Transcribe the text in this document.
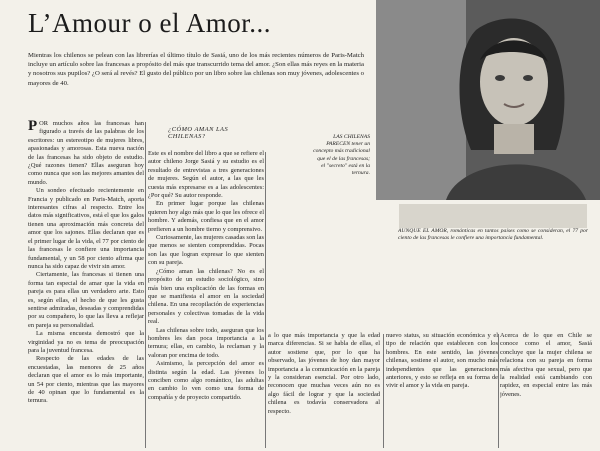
L’Amour o el Amor...
Mientras los chilenos se pelean con las librerías el último título de Sasiá, uno de los más recientes números de Paris-Match incluye un artículo sobre las francesas a propósito del más que transcurrido tema del amor. ¿Son ellas más reyes en la materia y nosotros sus pupilos? ¿O será al revés? El gusto del público por un libro sobre las chilenas son muy jóvenes, adolescentes o mayores de 40.
LAS CHILENAS PARECEN tener un concepto más tradicional que el de las francesas; el "secreto" está en la ternura.
AUNQUE EL AMOR, románticas en tantos países como se consideran, el 77 por ciento de las francesas le confiere una importancia fundamental.
¿CÓMO AMAN LAS CHILENAS?

POR muchos años las francesas han figurado a través de las palabras de los escritores: un estereotipo de mujeres libres, apasionadas y amorosas. Esta nueva nación de las francesas ha sido objeto de estudio. ¿Qué razones tienen? Ellas aseguran hoy como nunca que son las mejores amantes del mundo.

Un sondeo efectuado recientemente en Francia y publicado en Paris-Match, aporta interesantes cifras al respecto. Entre los datos más significativos, está el que los galos tienen una aproximación más concreta del amor que los sajones. Ellas declaran que es el primer lugar de la vida, el 77 por ciento de las francesas le confiere una importancia fundamental, y un 58 por ciento afirma que nunca ha sido capaz de vivir sin amor.

Ciertamente, las francesas si tienen una forma tan especial de amar que la vida en pareja es para ellas un verdadero arte. Esto es, según ellas, el hecho de que les gusta sentirse admiradas, deseadas y comprendidas por su compañero, lo que las lleva a reflejar en pareja su personalidad.

La misma encuesta demostró que la virginidad ya no es tema de preocupación para la juventud francesa.

Respecto de las edades de las encuestadas, las menores de 25 años declaran que el amor es lo más importante, un 54 por ciento, mientras que las mayores de 40 opinan que lo fundamental es la ternura.

Este es el nombre del libro a que se refiere el autor chileno Jorge Sasiá y su estudio es el resultado de entrevistas a tres generaciones de mujeres. Según el autor, a las que les cuesta más expresarse es a las adolescentes: ¿Por qué? Su autor responde.

En primer lugar porque las chilenas quieren hoy algo más que lo que les ofrece el hombre. Y además, confiesa que en el amor prefieren a un hombre tierno y comprensivo.

Curiosamente, las mujeres casadas son las que menos se sienten comprendidas. Pocas son las que logran expresar lo que sienten con su pareja.

¿Cómo aman las chilenas? No es el propósito de un estudio sociológico, sino más bien una explicación de las formas en que se manifiesta el amor en la sociedad chilena. En una recopilación de experiencias personales y colectivas tomadas de la vida real.

Las chilenas sobre todo, aseguran que los hombres les dan poca importancia a la ternura; ellas, en cambio, la reclaman y la valoran por encima de todo.

Asimismo, la percepción del amor es distinta según la edad. Las jóvenes lo conciben como algo romántico, las adultas en cambio lo ven como una forma de compañía y de proyecto compartido.

a lo que más importancia y que la edad marca diferencias. Si se habla de ellas, el autor sostiene que, por lo que ha observado, las jóvenes de hoy dan mayor importancia a la comunicación en la pareja y la consideran esencial. Por otro lado, reconocen que muchas veces aún no es algo fácil de lograr y que la sociedad chilena es todavía conservadora al respecto.

nuevo status, su situación económica y el tipo de relación que establecen con los hombres. En este sentido, las jóvenes chilenas, sostiene el autor, son mucho más independientes que las generaciones anteriores, y esto se refleja en su forma de vivir el amor y la vida en pareja.

Acerca de lo que en Chile se conoce como el amor, Sasiá concluye que la mujer chilena se relaciona con su pareja en forma más afectiva que sexual, pero que la realidad está cambiando con rapidez, en especial entre las más jóvenes.
